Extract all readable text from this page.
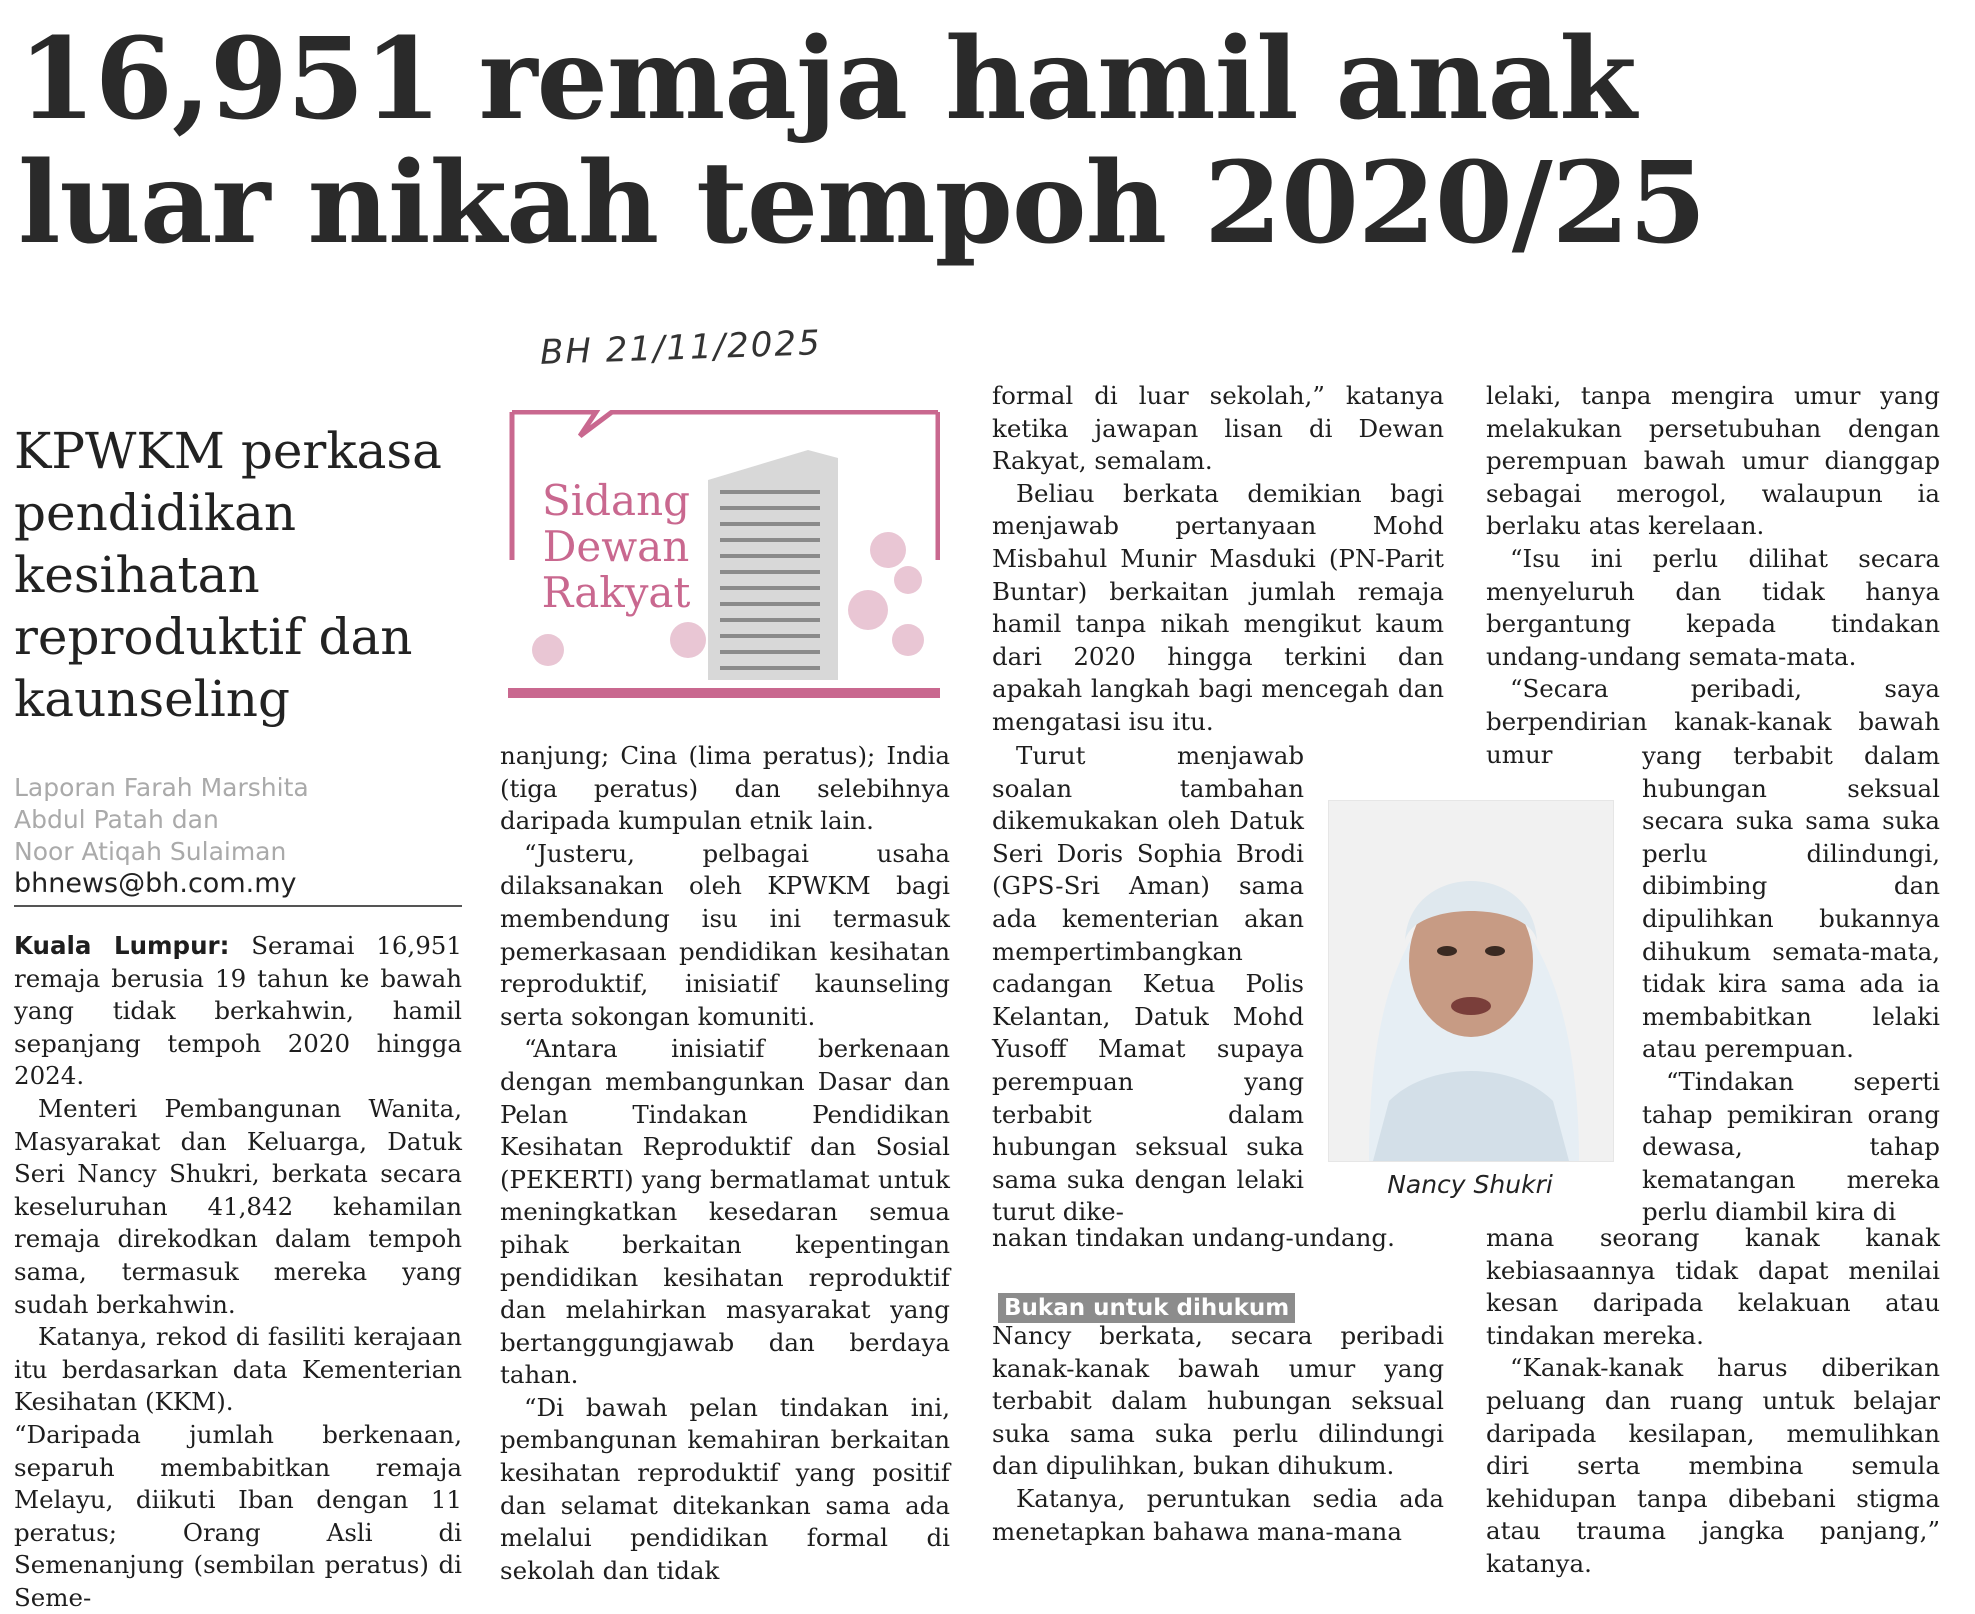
16,951 remaja hamil anak
luar nikah tempoh 2020/25
BH 21/11/2025
KPWKM perkasa pendidikan kesihatan reproduktif dan kaunseling
Laporan Farah Marshita
Abdul Patah dan
Noor Atiqah Sulaiman
bhnews@bh.com.my

Kuala Lumpur: Seramai 16,951 remaja berusia 19 tahun ke bawah yang tidak berkahwin, hamil sepanjang tempoh 2020 hingga 2024.

Menteri Pembangunan Wanita, Masyarakat dan Keluarga, Datuk Seri Nancy Shukri, berkata secara keseluruhan 41,842 kehamilan remaja direkodkan dalam tempoh sama, termasuk mereka yang sudah berkahwin.

Katanya, rekod di fasiliti kerajaan itu berdasarkan data Kementerian Kesihatan (KKM).

“Daripada jumlah berkenaan, separuh membabitkan remaja Melayu, diikuti Iban dengan 11 peratus; Orang Asli di Semenanjung (sembilan peratus) di Seme-

Sidang
Dewan
Rakyat

nanjung; Cina (lima peratus); India (tiga peratus) dan selebihnya daripada kumpulan etnik lain.

“Justeru, pelbagai usaha dilaksanakan oleh KPWKM bagi membendung isu ini termasuk pemerkasaan pendidikan kesihatan reproduktif, inisiatif kaunseling serta sokongan komuniti.

“Antara inisiatif berkenaan dengan membangunkan Dasar dan Pelan Tindakan Pendidikan Kesihatan Reproduktif dan Sosial (PEKERTI) yang bermatlamat untuk meningkatkan kesedaran semua pihak berkaitan kepentingan pendidikan kesihatan reproduktif dan melahirkan masyarakat yang bertanggungjawab dan berdaya tahan.

“Di bawah pelan tindakan ini, pembangunan kemahiran berkaitan kesihatan reproduktif yang positif dan selamat ditekankan sama ada melalui pendidikan formal di sekolah dan tidak

formal di luar sekolah,” katanya ketika jawapan lisan di Dewan Rakyat, semalam.

Beliau berkata demikian bagi menjawab pertanyaan Mohd Misbahul Munir Masduki (PN-Parit Buntar) berkaitan jumlah remaja hamil tanpa nikah mengikut kaum dari 2020 hingga terkini dan apakah langkah bagi mencegah dan mengatasi isu itu.

Turut menjawab soalan tambahan dikemukakan oleh Datuk Seri Doris Sophia Brodi (GPS-Sri Aman) sama ada kementerian akan mempertimbangkan cadangan Ketua Polis Kelantan, Datuk Mohd Yusoff Mamat supaya perempuan yang terbabit dalam hubungan seksual suka sama suka dengan lelaki turut dike-

nakan tindakan undang-undang.

Bukan untuk dihukum

Nancy berkata, secara peribadi kanak-kanak bawah umur yang terbabit dalam hubungan seksual suka sama suka perlu dilindungi dan dipulihkan, bukan dihukum.

Katanya, peruntukan sedia ada menetapkan bahawa mana-mana

Nancy Shukri

lelaki, tanpa mengira umur yang melakukan persetubuhan dengan perempuan bawah umur dianggap sebagai merogol, walaupun ia berlaku atas kerelaan.

“Isu ini perlu dilihat secara menyeluruh dan tidak hanya bergantung kepada tindakan undang-undang semata-mata.

“Secara peribadi, saya berpendirian kanak-kanak bawah umur	yang terbabit dalam hubungan seksual secara suka sama suka perlu dilindungi, dibimbing dan dipulihkan bukannya dihukum semata-mata, tidak kira sama ada ia membabitkan lelaki atau perempuan.

“Tindakan seperti tahap pemikiran orang dewasa, tahap kematangan mereka perlu diambil kira di

mana seorang kanak kanak kebiasaannya tidak dapat menilai kesan daripada kelakuan atau tindakan mereka.

“Kanak-kanak harus diberikan peluang dan ruang untuk belajar daripada kesilapan, memulihkan diri serta membina semula kehidupan tanpa dibebani stigma atau trauma jangka panjang,” katanya.
